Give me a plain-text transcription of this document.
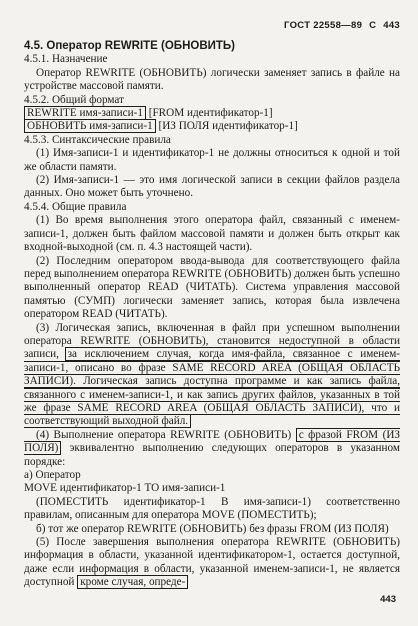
ГОСТ 22558—89 С 443

4.5. Оператор REWRITE (ОБНОВИТЬ)

4.5.1. Назначение

Оператор REWRITE (ОБНОВИТЬ) логически заменяет запись в файле на устройстве массовой памяти.

4.5.2. Общий формат

REWRITE имя-записи-1 [FROM идентификатор-1]

ОБНОВИТЬ имя-записи-1 [ИЗ ПОЛЯ идентификатор-1]

4.5.3. Синтаксические правила

(1) Имя-записи-1 и идентификатор-1 не должны относиться к одной и той же области памяти.

(2) Имя-записи-1 — это имя логической записи в секции файлов раздела данных. Оно может быть уточнено.

4.5.4. Общие правила

(1) Во время выполнения этого оператора файл, связанный с именем-записи-1, должен быть файлом массовой памяти и должен быть открыт как входной-выходной (см. п. 4.3 настоящей части).

(2) Последним оператором ввода-вывода для соответствующего файла перед выполнением оператора REWRITE (ОБНОВИТЬ) должен быть успешно выполненный оператор READ (ЧИТАТЬ). Система управления массовой памятью (СУМП) логически заменяет запись, которая была извлечена оператором READ (ЧИТАТЬ).

(3) Логическая запись, включенная в файл при успешном выполнении оператора REWRITE (ОБНОВИТЬ), становится недоступной в области записи, за исключением случая, когда имя-файла, связанное с именем-записи-1, описано во фразе SAME RECORD AREA (ОБЩАЯ ОБЛАСТЬ ЗАПИСИ). Логическая запись доступна программе и как запись файла, связанного с именем-записи-1, и как запись других файлов, указанных в той же фразе SAME RECORD AREA (ОБЩАЯ ОБЛАСТЬ ЗАПИСИ), что и соответствующий выходной файл.

(4) Выполнение оператора REWRITE (ОБНОВИТЬ) с фразой FROM (ИЗ ПОЛЯ) эквивалентно выполнению следующих операторов в указанном порядке:

а) Оператор

MOVE идентификатор-1 TO имя-записи-1

(ПОМЕСТИТЬ идентификатор-1 В имя-записи-1) соответственно правилам, описанным для оператора MOVE (ПОМЕСТИТЬ);

б) тот же оператор REWRITE (ОБНОВИТЬ) без фразы FROM (ИЗ ПОЛЯ)

(5) После завершения выполнения оператора REWRITE (ОБНОВИТЬ) информация в области, указанной идентификатором-1, остается доступной, даже если информация в области, указанной именем-записи-1, не является доступной кроме случая, опреде-

443
